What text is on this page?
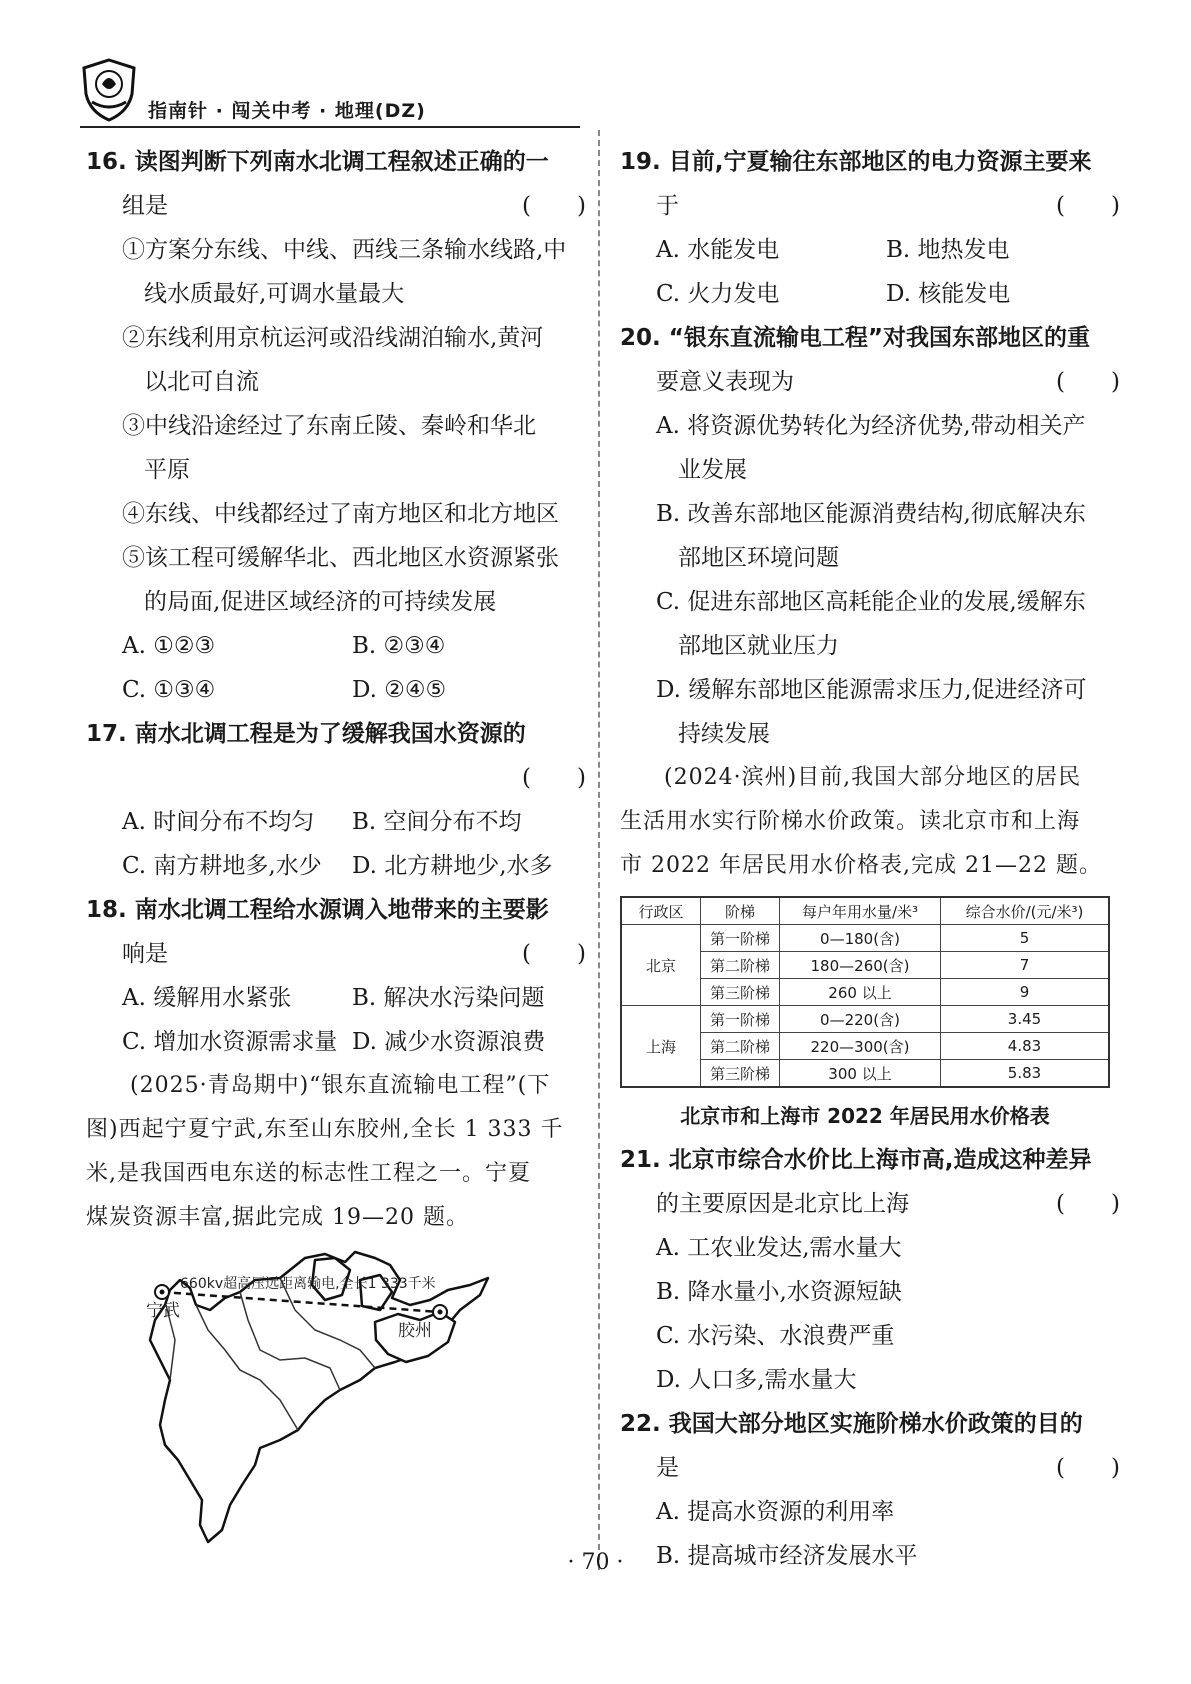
指南针 · 闯关中考 · 地理(DZ)
16. 读图判断下列南水北调工程叙述正确的一
组是	(　　)
①方案分东线、中线、西线三条输水线路,中
线水质最好,可调水量最大
②东线利用京杭运河或沿线湖泊输水,黄河
以北可自流
③中线沿途经过了东南丘陵、秦岭和华北
平原
④东线、中线都经过了南方地区和北方地区
⑤该工程可缓解华北、西北地区水资源紧张
的局面,促进区域经济的可持续发展
A. ①②③	B. ②③④
C. ①③④	D. ②④⑤
17. 南水北调工程是为了缓解我国水资源的
(　　)
A. 时间分布不均匀 B. 空间分布不均
C. 南方耕地多,水少 D. 北方耕地少,水多
18. 南水北调工程给水源调入地带来的主要影
响是	(　　)
A. 缓解用水紧张	B. 解决水污染问题
C. 增加水资源需求量 D. 减少水资源浪费
(2025·青岛期中)“银东直流输电工程”(下
图)西起宁夏宁武,东至山东胶州,全长 1 333 千
米,是我国西电东送的标志性工程之一。宁夏
煤炭资源丰富,据此完成 19—20 题。
660kv超高压远距离输电,全长1 333千米
宁武
胶州
19. 目前,宁夏输往东部地区的电力资源主要来
于	(　　)
A. 水能发电	B. 地热发电
C. 火力发电	D. 核能发电
20. “银东直流输电工程”对我国东部地区的重
要意义表现为	(　　)
A. 将资源优势转化为经济优势,带动相关产
业发展
B. 改善东部地区能源消费结构,彻底解决东
部地区环境问题
C. 促进东部地区高耗能企业的发展,缓解东
部地区就业压力
D. 缓解东部地区能源需求压力,促进经济可
持续发展
(2024·滨州)目前,我国大部分地区的居民
生活用水实行阶梯水价政策。读北京市和上海
市 2022 年居民用水价格表,完成 21—22 题。
行政区	阶梯	每户年用水量/米³	综合水价/(元/米³)
北京	第一阶梯	0—180(含)	5
	第二阶梯	180—260(含)	7
	第三阶梯	260 以上	9
上海	第一阶梯	0—220(含)	3.45
	第二阶梯	220—300(含)	4.83
	第三阶梯	300 以上	5.83
北京市和上海市 2022 年居民用水价格表
21. 北京市综合水价比上海市高,造成这种差异
的主要原因是北京比上海	(　　)
A. 工农业发达,需水量大
B. 降水量小,水资源短缺
C. 水污染、水浪费严重
D. 人口多,需水量大
22. 我国大部分地区实施阶梯水价政策的目的
是	(　　)
A. 提高水资源的利用率
B. 提高城市经济发展水平
· 70 ·
